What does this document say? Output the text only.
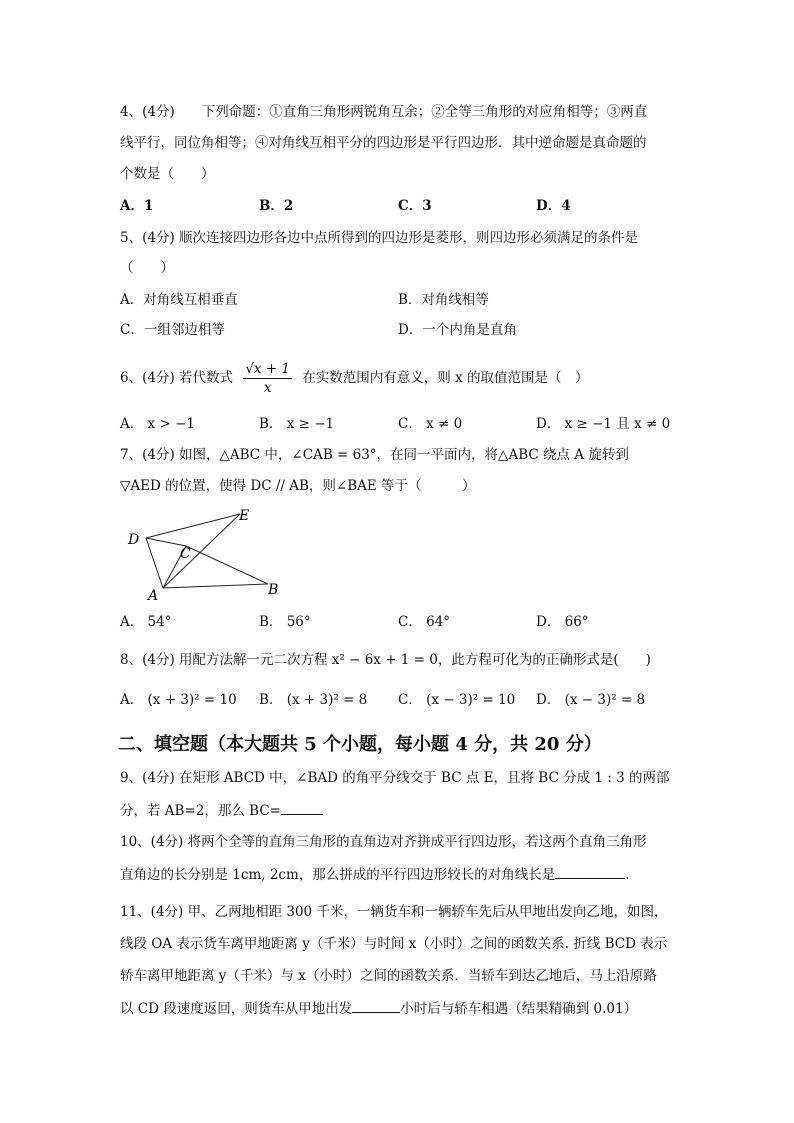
4、(4分)　　下列命题：①直角三角形两锐角互余；②全等三角形的对应角相等；③两直
线平行，同位角相等；④对角线互相平分的四边形是平行四边形．其中逆命题是真命题的
个数是（　　）
A．1	B．2	C．3	D．4
5、(4分) 顺次连接四边形各边中点所得到的四边形是菱形，则四边形必须满足的条件是
（　　）
A．对角线互相垂直	B．对角线相等
C．一组邻边相等	D．一个内角是直角
6、(4分) 若代数式 $\frac{√x + 1}{x}$ 在实数范围内有意义，则 x 的取值范围是（　）
A． x > −1	B． x ≥ −1	C． x ≠ 0	D． x ≥ −1 且 x ≠ 0
7、(4分) 如图，△ABC 中，∠CAB = 63°，在同一平面内，将△ABC 绕点 A 旋转到
▽AED 的位置，使得 DC // AB，则∠BAE 等于（　　　）
E
D
C
A	B
A． 54°	B． 56°	C． 64°	D． 66°
8、(4分) 用配方法解一元二次方程 x² − 6x + 1 = 0，此方程可化为的正确形式是(　　)
A． (x + 3)² = 10 B． (x + 3)² = 8 C． (x − 3)² = 10 D． (x − 3)² = 8
二、填空题（本大题共 5 个小题，每小题 4 分，共 20 分）
9、(4分) 在矩形 ABCD 中，∠BAD 的角平分线交于 BC 点 E，且将 BC 分成 1 : 3 的两部
分，若 AB=2，那么 BC=
10、(4分) 将两个全等的直角三角形的直角边对齐拼成平行四边形，若这两个直角三角形
直角边的长分别是 1cm, 2cm，那么拼成的平行四边形较长的对角线长是	．
11、(4分) 甲、乙两地相距 300 千米，一辆货车和一辆轿车先后从甲地出发向乙地，如图，
线段 OA 表示货车离甲地距离 y（千米）与时间 x（小时）之间的函数关系. 折线 BCD 表示
轿车离甲地距离 y（千米）与 x（小时）之间的函数关系．当轿车到达乙地后，马上沿原路
以 CD 段速度返回，则货车从甲地出发	小时后与轿车相遇（结果精确到 0.01）
